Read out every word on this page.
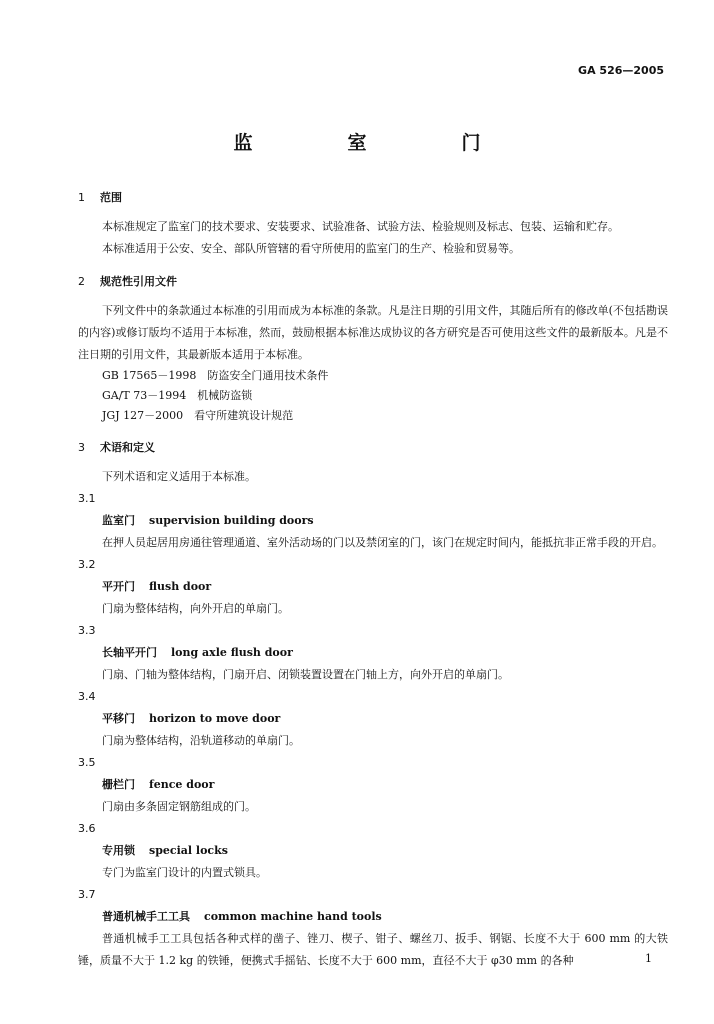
GA 526—2005
监　室　门
1 范围
本标准规定了监室门的技术要求、安装要求、试验准备、试验方法、检验规则及标志、包装、运输和贮存。
本标准适用于公安、安全、部队所管辖的看守所使用的监室门的生产、检验和贸易等。
2 规范性引用文件
下列文件中的条款通过本标准的引用而成为本标准的条款。凡是注日期的引用文件，其随后所有的修改单(不包括勘误的内容)或修订版均不适用于本标准，然而，鼓励根据本标准达成协议的各方研究是否可使用这些文件的最新版本。凡是不注日期的引用文件，其最新版本适用于本标准。
GB 17565－1998　防盗安全门通用技术条件
GA/T 73－1994　机械防盗锁
JGJ 127－2000　看守所建筑设计规范
3 术语和定义
下列术语和定义适用于本标准。
3.1
监室门 supervision building doors
在押人员起居用房通往管理通道、室外活动场的门以及禁闭室的门，该门在规定时间内，能抵抗非正常手段的开启。
3.2
平开门 flush door
门扇为整体结构，向外开启的单扇门。
3.3
长轴平开门 long axle flush door
门扇、门轴为整体结构，门扇开启、闭锁装置设置在门轴上方，向外开启的单扇门。
3.4
平移门 horizon to move door
门扇为整体结构，沿轨道移动的单扇门。
3.5
栅栏门 fence door
门扇由多条固定钢筋组成的门。
3.6
专用锁 special locks
专门为监室门设计的内置式锁具。
3.7
普通机械手工工具 common machine hand tools
普通机械手工工具包括各种式样的凿子、锉刀、楔子、钳子、螺丝刀、扳手、钢锯、长度不大于 600 mm 的大铁锤，质量不大于 1.2 kg 的铁锤，便携式手摇钻、长度不大于 600 mm，直径不大于 φ30 mm 的各种	1
